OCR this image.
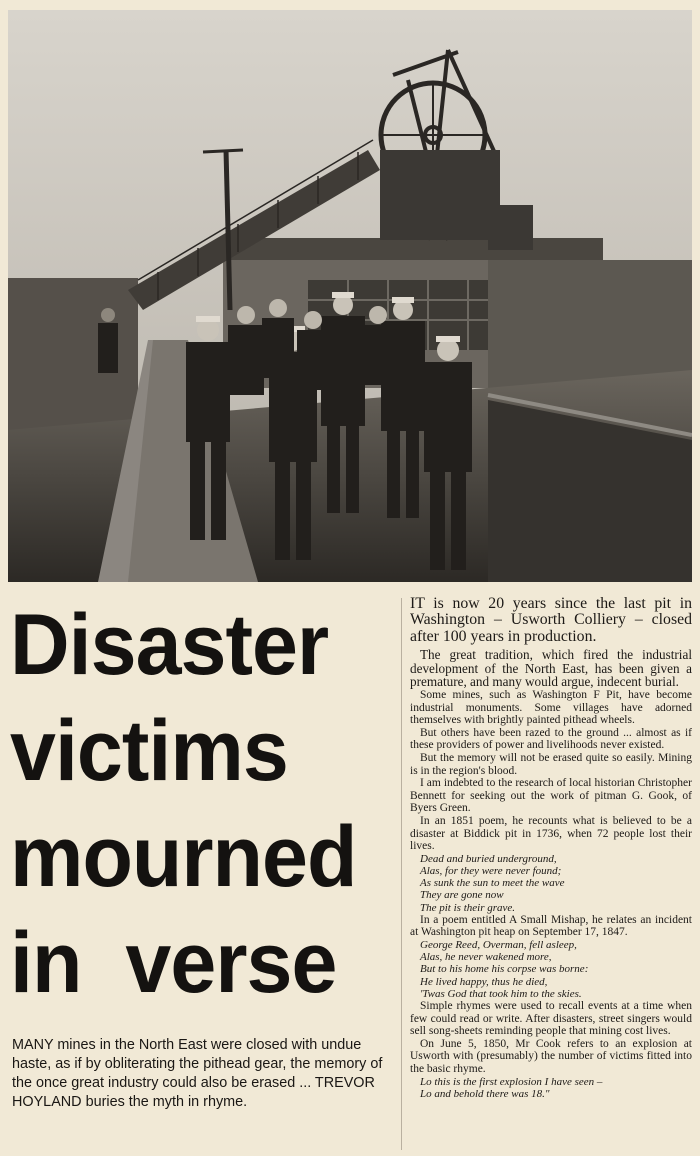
Disaster
victims
mourned
in  verse
MANY mines in the North East were closed with undue haste, as if by obliterating the pithead gear, the memory of the once great industry could also be erased ... TREVOR HOYLAND buries the myth in rhyme.

IT is now 20 years since the last pit in Washington – Usworth Colliery – closed after 100 years in production.

The great tradition, which fired the industrial development of the North East, has been given a premature, and many would argue, indecent burial.

Some mines, such as Washington F Pit, have become industrial monuments. Some villages have adorned themselves with brightly painted pithead wheels.

But others have been razed to the ground ... almost as if these providers of power and livelihoods never existed.

But the memory will not be erased quite so easily. Mining is in the region's blood.

I am indebted to the research of local historian Christopher Bennett for seeking out the work of pitman G. Gook, of Byers Green.

In an 1851 poem, he recounts what is believed to be a disaster at Biddick pit in 1736, when 72 people lost their lives.

Dead and buried underground,

Alas, for they were never found;

As sunk the sun to meet the wave

They are gone now

The pit is their grave.

In a poem entitled A Small Mishap, he relates an incident at Washington pit heap on September 17, 1847.

George Reed, Overman, fell asleep,

Alas, he never wakened more,

But to his home his corpse was borne:

He lived happy, thus he died,

'Twas God that took him to the skies.

Simple rhymes were used to recall events at a time when few could read or write. After disasters, street singers would sell song-sheets reminding people that mining cost lives.

On June 5, 1850, Mr Cook refers to an explosion at Usworth with (presumably) the number of victims fitted into the basic rhyme.

Lo this is the first explosion I have seen –

Lo and behold there was 18."
